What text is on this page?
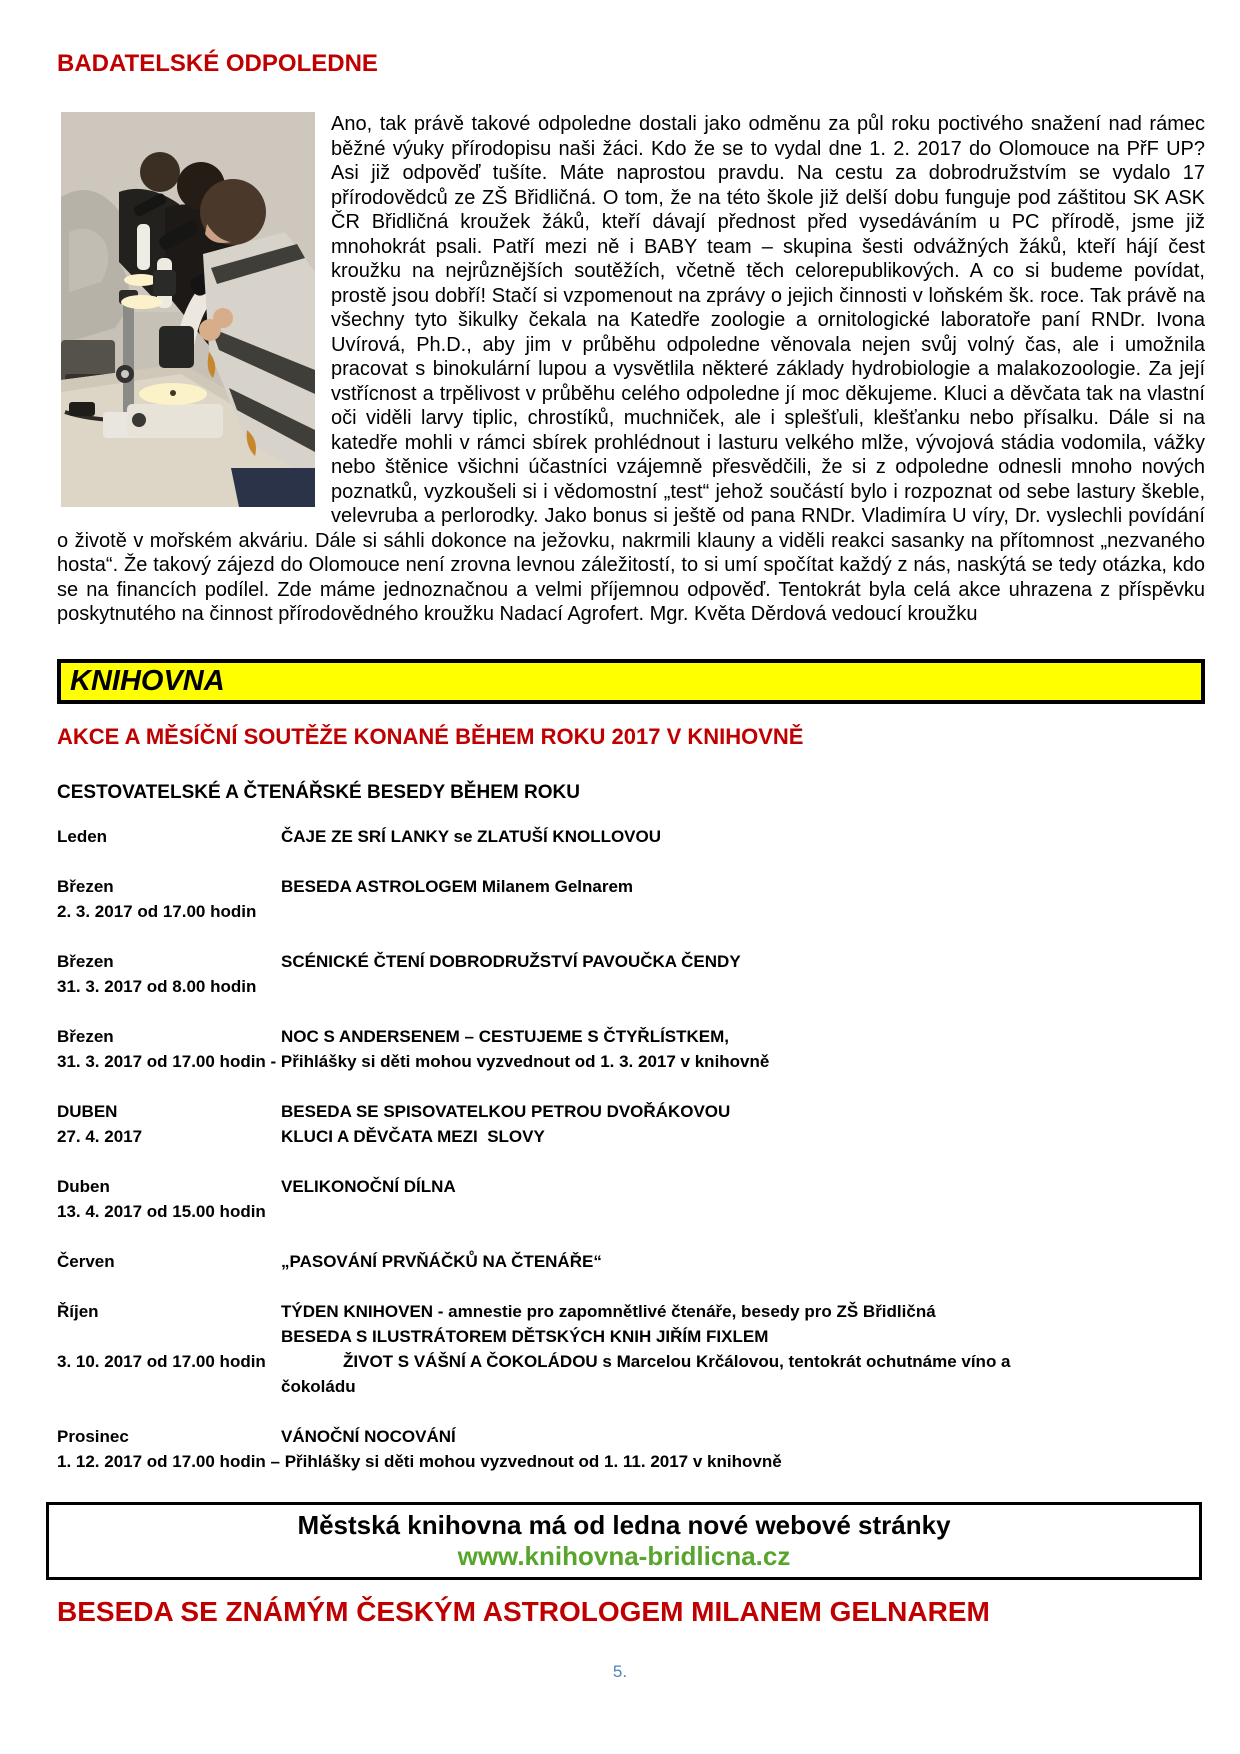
BADATELSKÉ ODPOLEDNE

Ano, tak právě takové odpoledne dostali jako odměnu za půl roku poctivého snažení nad rámec běžné výuky přírodopisu naši žáci. Kdo že se to vydal dne 1. 2. 2017 do Olomouce na PřF UP? Asi již odpověď tušíte. Máte naprostou pravdu. Na cestu za dobrodružstvím se vydalo 17 přírodovědců ze ZŠ Břidličná. O tom, že na této škole již delší dobu funguje pod záštitou SK ASK ČR Břidličná kroužek žáků, kteří dávají přednost před vysedáváním u PC přírodě, jsme již mnohokrát psali. Patří mezi ně i BABY team – skupina šesti odvážných žáků, kteří hájí čest kroužku na nejrůznějších soutěžích, včetně těch celorepublikových. A co si budeme povídat, prostě jsou dobří! Stačí si vzpomenout na zprávy o jejich činnosti v loňském šk. roce. Tak právě na všechny tyto šikulky čekala na Katedře zoologie a ornitologické laboratoře paní RNDr. Ivona Uvírová, Ph.D., aby jim v průběhu odpoledne věnovala nejen svůj volný čas, ale i umožnila pracovat s binokulární lupou a vysvětlila některé základy hydrobiologie a malakozoologie. Za její vstřícnost a trpělivost v průběhu celého odpoledne jí moc děkujeme. Kluci a děvčata tak na vlastní oči viděli larvy tiplic, chrostíků, muchniček, ale i splešťuli, klešťanku nebo přísalku. Dále si na katedře mohli v rámci sbírek prohlédnout i lasturu velkého mlže, vývojová stádia vodomila, vážky nebo štěnice všichni účastníci vzájemně přesvědčili, že si z odpoledne odnesli mnoho nových poznatků, vyzkoušeli si i vědomostní „test“ jehož součástí bylo i rozpoznat od sebe lastury škeble, velevruba a perlorodky. Jako bonus si ještě od pana RNDr. Vladimíra U víry, Dr. vyslechli povídání o životě v mořském akváriu. Dále si sáhli dokonce na ježovku, nakrmili klauny a viděli reakci sasanky na přítomnost „nezvaného hosta“. Že takový zájezd do Olomouce není zrovna levnou záležitostí, to si umí spočítat každý z nás, naskýtá se tedy otázka, kdo se na financích podílel. Zde máme jednoznačnou a velmi příjemnou odpověď. Tentokrát byla celá akce uhrazena z příspěvku poskytnutého na činnost přírodovědného kroužku Nadací Agrofert. Mgr. Květa Děrdová vedoucí kroužku

KNIHOVNA
AKCE A MĚSÍČNÍ SOUTĚŽE KONANÉ BĚHEM ROKU 2017 V KNIHOVNĚ
CESTOVATELSKÉ A ČTENÁŘSKÉ BESEDY BĚHEM ROKU
Leden	ČAJE ZE SRÍ LANKY se ZLATUŠÍ KNOLLOVOU
Březen	BESEDA ASTROLOGEM Milanem Gelnarem
2. 3. 2017 od 17.00 hodin
Březen	SCÉNICKÉ ČTENÍ DOBRODRUŽSTVÍ PAVOUČKA ČENDY
31. 3. 2017 od 8.00 hodin
Březen	NOC S ANDERSENEM – CESTUJEME S ČTYŘLÍSTKEM,
31. 3. 2017 od 17.00 hodin - Přihlášky si děti mohou vyzvednout od 1. 3. 2017 v knihovně
DUBEN	BESEDA SE SPISOVATELKOU PETROU DVOŘÁKOVOU
27. 4. 2017	KLUCI A DĚVČATA MEZI  SLOVY
Duben	VELIKONOČNÍ DÍLNA
13. 4. 2017 od 15.00 hodin
Červen	„PASOVÁNÍ PRVŇÁČKŮ NA ČTENÁŘE“
Říjen	TÝDEN KNIHOVEN - amnestie pro zapomnětlivé čtenáře, besedy pro ZŠ Břidličná
BESEDA S ILUSTRÁTOREM DĚTSKÝCH KNIH JIŘÍM FIXLEM
3. 10. 2017 od 17.00 hodin	ŽIVOT S VÁŠNÍ A ČOKOLÁDOU s Marcelou Krčálovou, tentokrát ochutnáme víno a
čokoládu
Prosinec	VÁNOČNÍ NOCOVÁNÍ
1. 12. 2017 od 17.00 hodin – Přihlášky si děti mohou vyzvednout od 1. 11. 2017 v knihovně
Městská knihovna má od ledna nové webové stránky
www.knihovna-bridlicna.cz
BESEDA SE ZNÁMÝM ČESKÝM ASTROLOGEM MILANEM GELNAREM
5.
